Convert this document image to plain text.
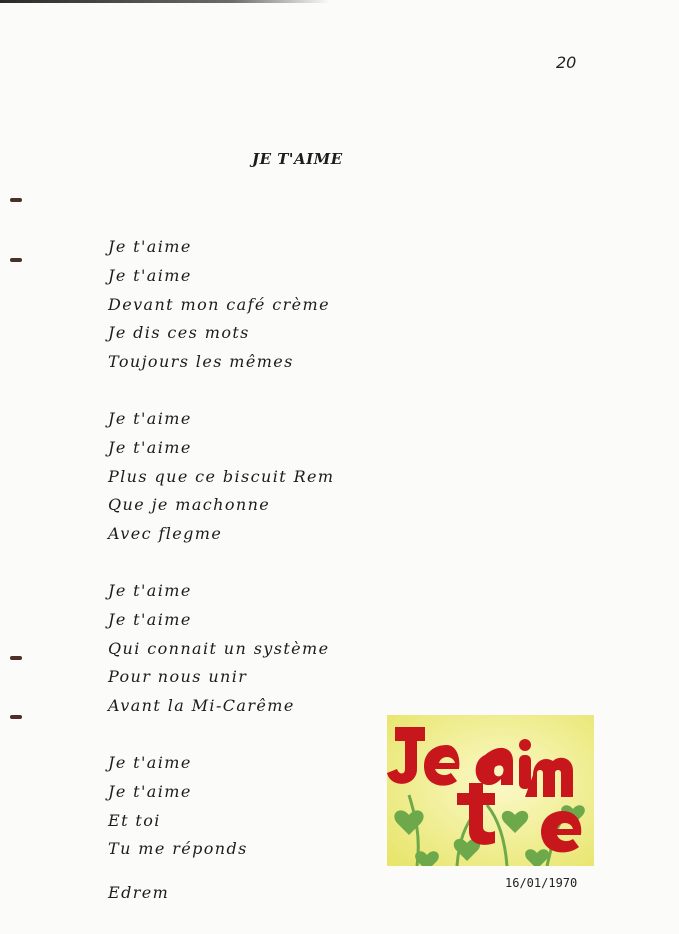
20
JE T'AIME
Je t'aime
Je t'aime
Devant mon café crème
Je dis ces mots
Toujours les mêmes
Je t'aime
Je t'aime
Plus que ce biscuit Rem
Que je machonne
Avec flegme
Je t'aime
Je t'aime
Qui connait un système
Pour nous unir
Avant la Mi-Carême
Je t'aime
Je t'aime
Et toi
Tu me réponds
Edrem	16/01/1970
